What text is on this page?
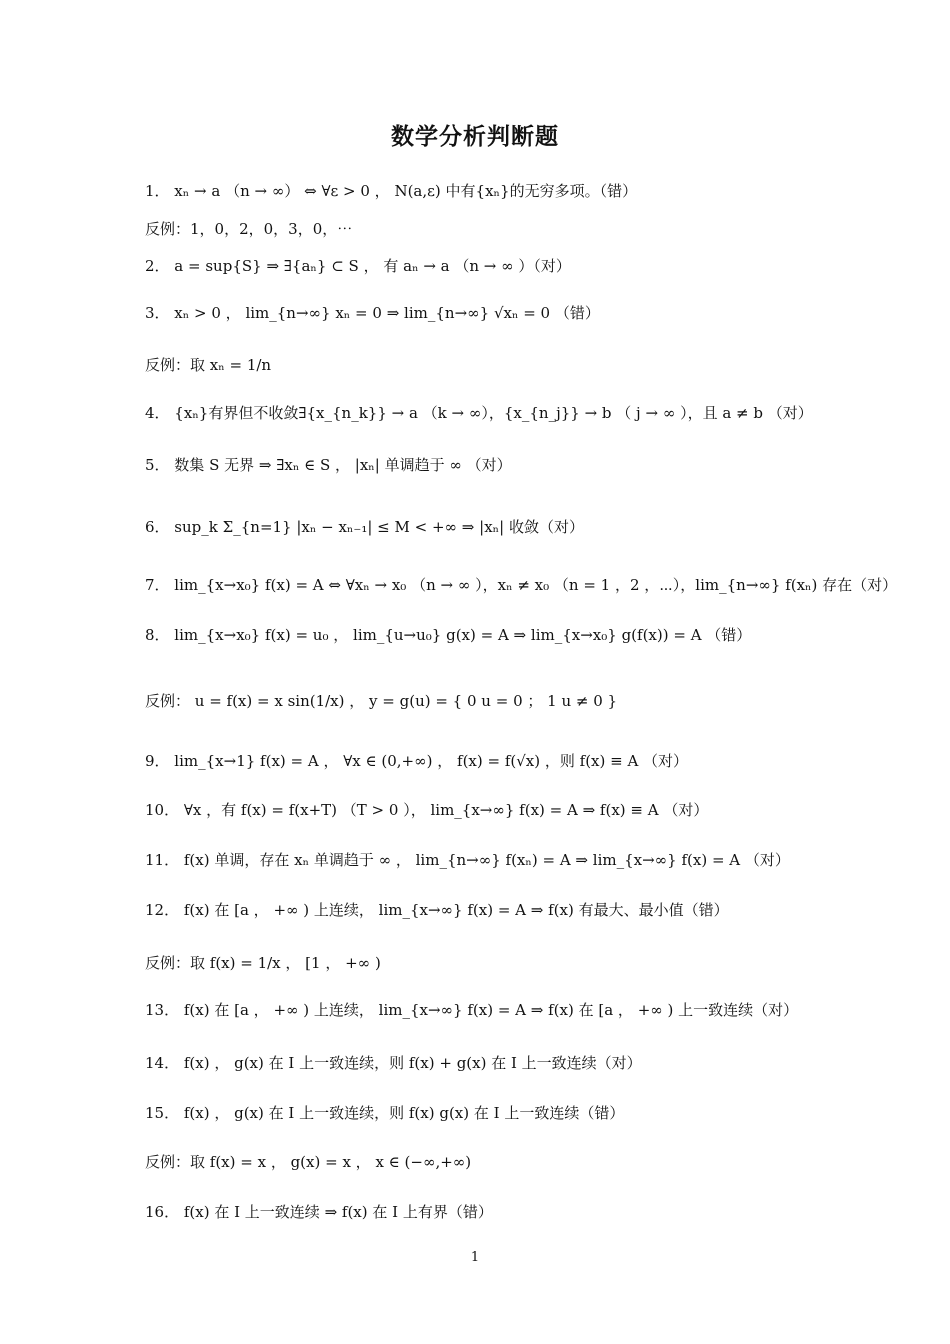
数学分析判断题
1． xₙ → a （n → ∞） ⇔ ∀ε > 0 ， N(a,ε) 中有{xₙ}的无穷多项。（错）
反例：1，0，2，0，3，0，⋯
2． a = sup{S} ⇒ ∃{aₙ} ⊂ S ， 有 aₙ → a （n → ∞ ）（对）
3． xₙ > 0 ， lim_{n→∞} xₙ = 0 ⇒ lim_{n→∞} √xₙ = 0 （错）
反例：取 xₙ = 1/n
4． {xₙ}有界但不收敛∃{x_{n_k}} → a （k → ∞），{x_{n_j}} → b （ j → ∞ ），且 a ≠ b （对）
5． 数集 S 无界 ⇒ ∃xₙ ∈ S ， |xₙ| 单调趋于 ∞ （对）
6． sup_k Σ_{n=1} |xₙ − xₙ₋₁| ≤ M < +∞ ⇒ |xₙ| 收敛（对）
7． lim_{x→x₀} f(x) = A ⇔ ∀xₙ → x₀ （n → ∞ ），xₙ ≠ x₀ （n = 1 ，2 ，⋯），lim_{n→∞} f(xₙ) 存在（对）
8． lim_{x→x₀} f(x) = u₀ ， lim_{u→u₀} g(x) = A ⇒ lim_{x→x₀} g(f(x)) = A （错）
反例： u = f(x) = x sin(1/x) ， y = g(u) = { 0 u = 0 ； 1 u ≠ 0 }
9． lim_{x→1} f(x) = A ， ∀x ∈ (0,+∞) ， f(x) = f(√x) ，则 f(x) ≡ A （对）
10． ∀x ，有 f(x) = f(x+T) （T > 0 ）， lim_{x→∞} f(x) = A ⇒ f(x) ≡ A （对）
11． f(x) 单调，存在 xₙ 单调趋于 ∞ ， lim_{n→∞} f(xₙ) = A ⇒ lim_{x→∞} f(x) = A （对）
12． f(x) 在 [a ， +∞ ) 上连续， lim_{x→∞} f(x) = A ⇒ f(x) 有最大、最小值（错）
反例：取 f(x) = 1/x ， [1 ， +∞ )
13． f(x) 在 [a ， +∞ ) 上连续， lim_{x→∞} f(x) = A ⇒ f(x) 在 [a ， +∞ ) 上一致连续（对）
14． f(x) ， g(x) 在 I 上一致连续，则 f(x) + g(x) 在 I 上一致连续（对）
15． f(x) ， g(x) 在 I 上一致连续，则 f(x) g(x) 在 I 上一致连续（错）
反例：取 f(x) = x ， g(x) = x ， x ∈ (−∞,+∞)
16． f(x) 在 I 上一致连续 ⇒ f(x) 在 I 上有界（错）
1
